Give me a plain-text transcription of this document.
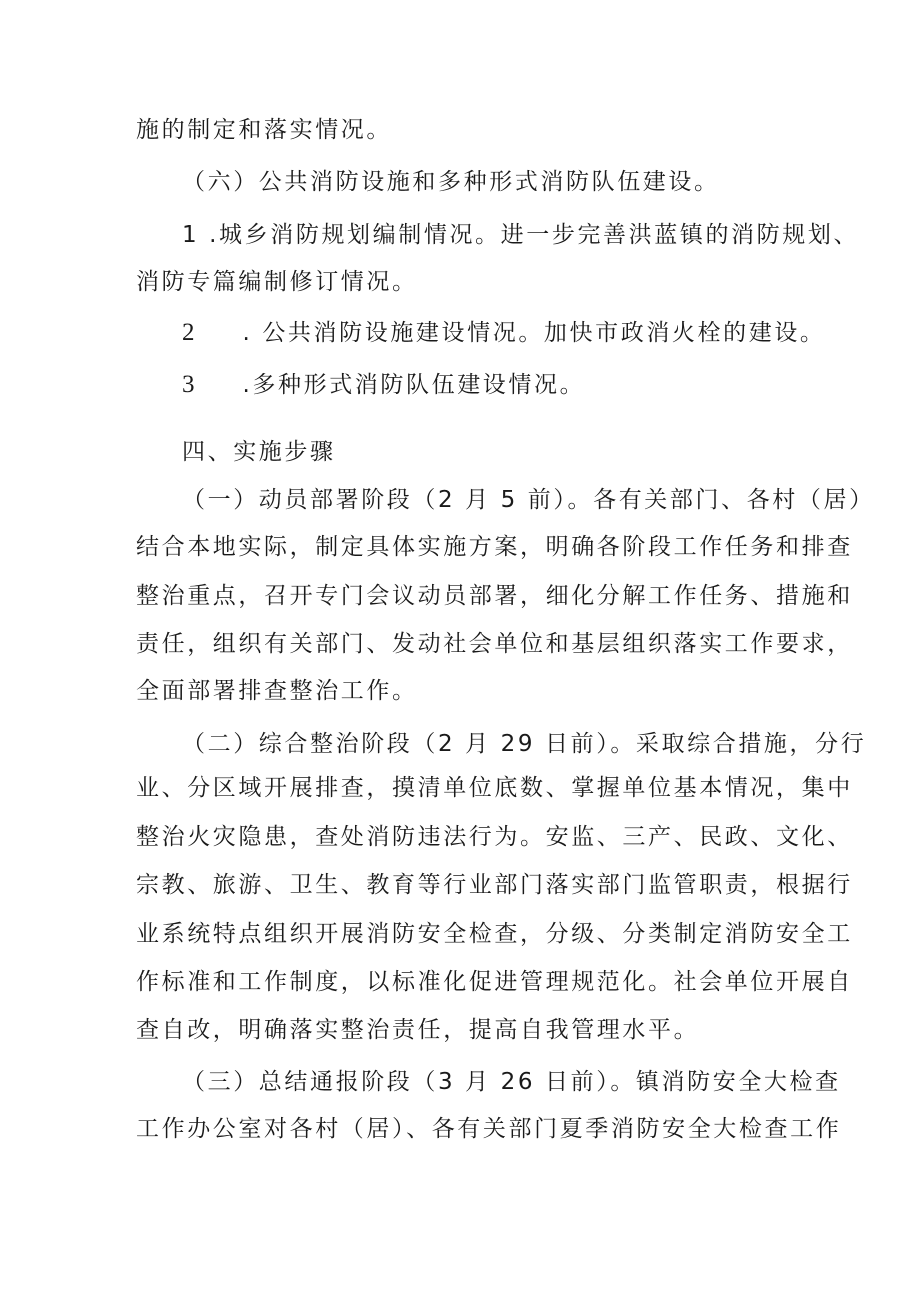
施的制定和落实情况。
（六）公共消防设施和多种形式消防队伍建设。
1 .城乡消防规划编制情况。进一步完善洪蓝镇的消防规划、
消防专篇编制修订情况。
2 . 公共消防设施建设情况。加快市政消火栓的建设。
3 .多种形式消防队伍建设情况。
四、实施步骤
（一）动员部署阶段（2 月 5 前）。各有关部门、各村（居）
结合本地实际，制定具体实施方案，明确各阶段工作任务和排查
整治重点，召开专门会议动员部署，细化分解工作任务、措施和
责任，组织有关部门、发动社会单位和基层组织落实工作要求，
全面部署排查整治工作。
（二）综合整治阶段（2 月 29 日前）。采取综合措施，分行
业、分区域开展排查，摸清单位底数、掌握单位基本情况，集中
整治火灾隐患，查处消防违法行为。安监、三产、民政、文化、
宗教、旅游、卫生、教育等行业部门落实部门监管职责，根据行
业系统特点组织开展消防安全检查，分级、分类制定消防安全工
作标准和工作制度，以标准化促进管理规范化。社会单位开展自
查自改，明确落实整治责任，提高自我管理水平。
（三）总结通报阶段（3 月 26 日前）。镇消防安全大检查
工作办公室对各村（居）、各有关部门夏季消防安全大检查工作
